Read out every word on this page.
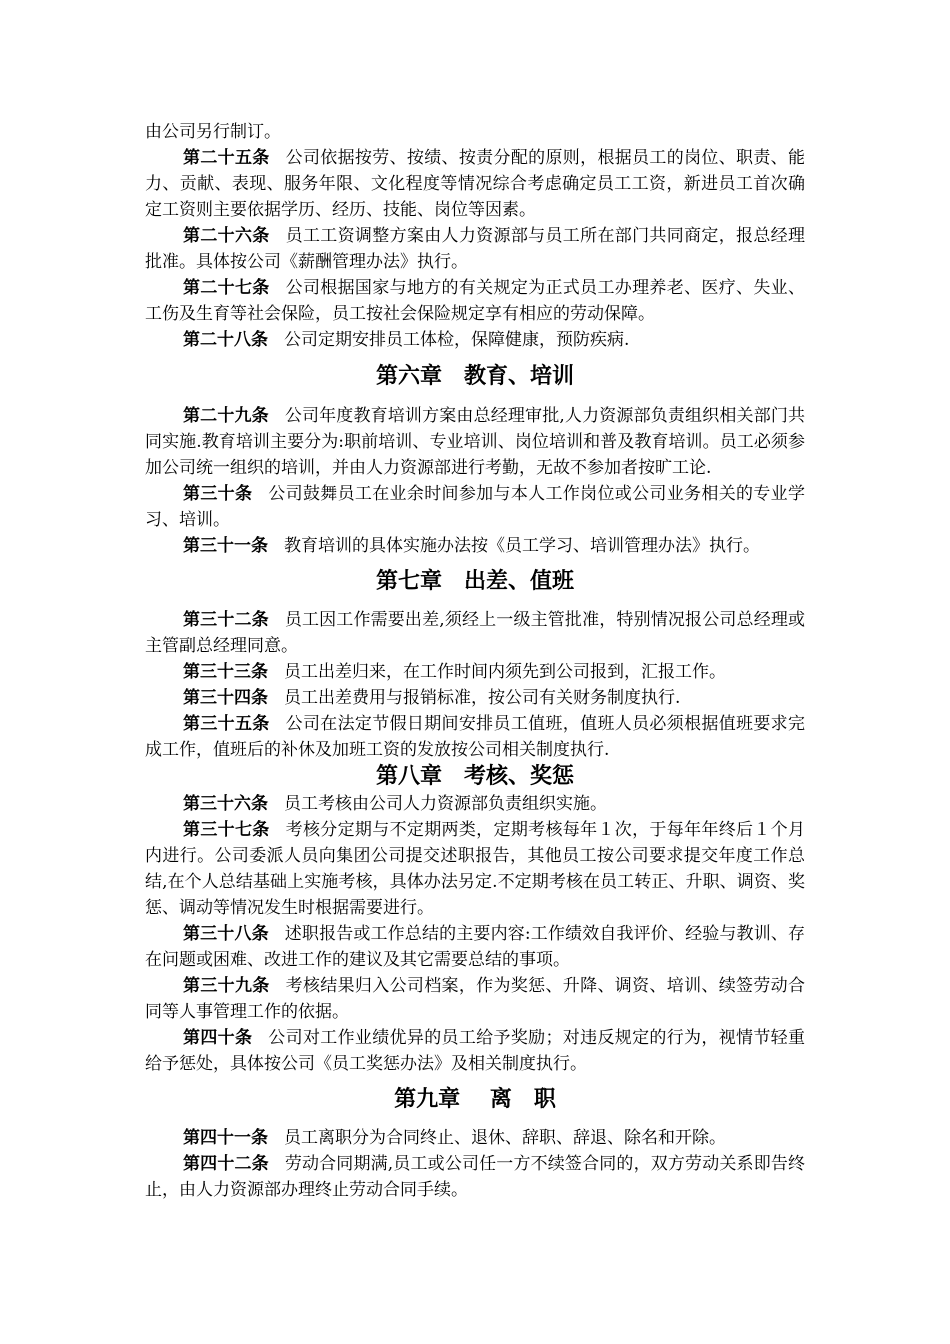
由公司另行制订。

第二十五条 公司依据按劳、按绩、按责分配的原则，根据员工的岗位、职责、能力、贡献、表现、服务年限、文化程度等情况综合考虑确定员工工资，新进员工首次确定工资则主要依据学历、经历、技能、岗位等因素。

第二十六条 员工工资调整方案由人力资源部与员工所在部门共同商定，报总经理批准。具体按公司《薪酬管理办法》执行。

第二十七条 公司根据国家与地方的有关规定为正式员工办理养老、医疗、失业、工伤及生育等社会保险，员工按社会保险规定享有相应的劳动保障。

第二十八条 公司定期安排员工体检，保障健康，预防疾病.

第六章　教育、培训

第二十九条 公司年度教育培训方案由总经理审批,人力资源部负责组织相关部门共同实施.教育培训主要分为:职前培训、专业培训、岗位培训和普及教育培训。员工必须参加公司统一组织的培训，并由人力资源部进行考勤，无故不参加者按旷工论.

第三十条 公司鼓舞员工在业余时间参加与本人工作岗位或公司业务相关的专业学习、培训。

第三十一条 教育培训的具体实施办法按《员工学习、培训管理办法》执行。

第七章　出差、值班

第三十二条 员工因工作需要出差,须经上一级主管批准，特别情况报公司总经理或主管副总经理同意。

第三十三条 员工出差归来，在工作时间内须先到公司报到，汇报工作。

第三十四条 员工出差费用与报销标准，按公司有关财务制度执行.

第三十五条 公司在法定节假日期间安排员工值班，值班人员必须根据值班要求完成工作，值班后的补休及加班工资的发放按公司相关制度执行.

第八章　考核、奖惩

第三十六条 员工考核由公司人力资源部负责组织实施。

第三十七条 考核分定期与不定期两类，定期考核每年１次，于每年年终后１个月内进行。公司委派人员向集团公司提交述职报告，其他员工按公司要求提交年度工作总结,在个人总结基础上实施考核，具体办法另定.不定期考核在员工转正、升职、调资、奖惩、调动等情况发生时根据需要进行。

第三十八条 述职报告或工作总结的主要内容:工作绩效自我评价、经验与教训、存在问题或困难、改进工作的建议及其它需要总结的事项。

第三十九条 考核结果归入公司档案，作为奖惩、升降、调资、培训、续签劳动合同等人事管理工作的依据。

第四十条 公司对工作业绩优异的员工给予奖励；对违反规定的行为，视情节轻重给予惩处，具体按公司《员工奖惩办法》及相关制度执行。

第九章　 离　职

第四十一条 员工离职分为合同终止、退休、辞职、辞退、除名和开除。

第四十二条 劳动合同期满,员工或公司任一方不续签合同的，双方劳动关系即告终止，由人力资源部办理终止劳动合同手续。
